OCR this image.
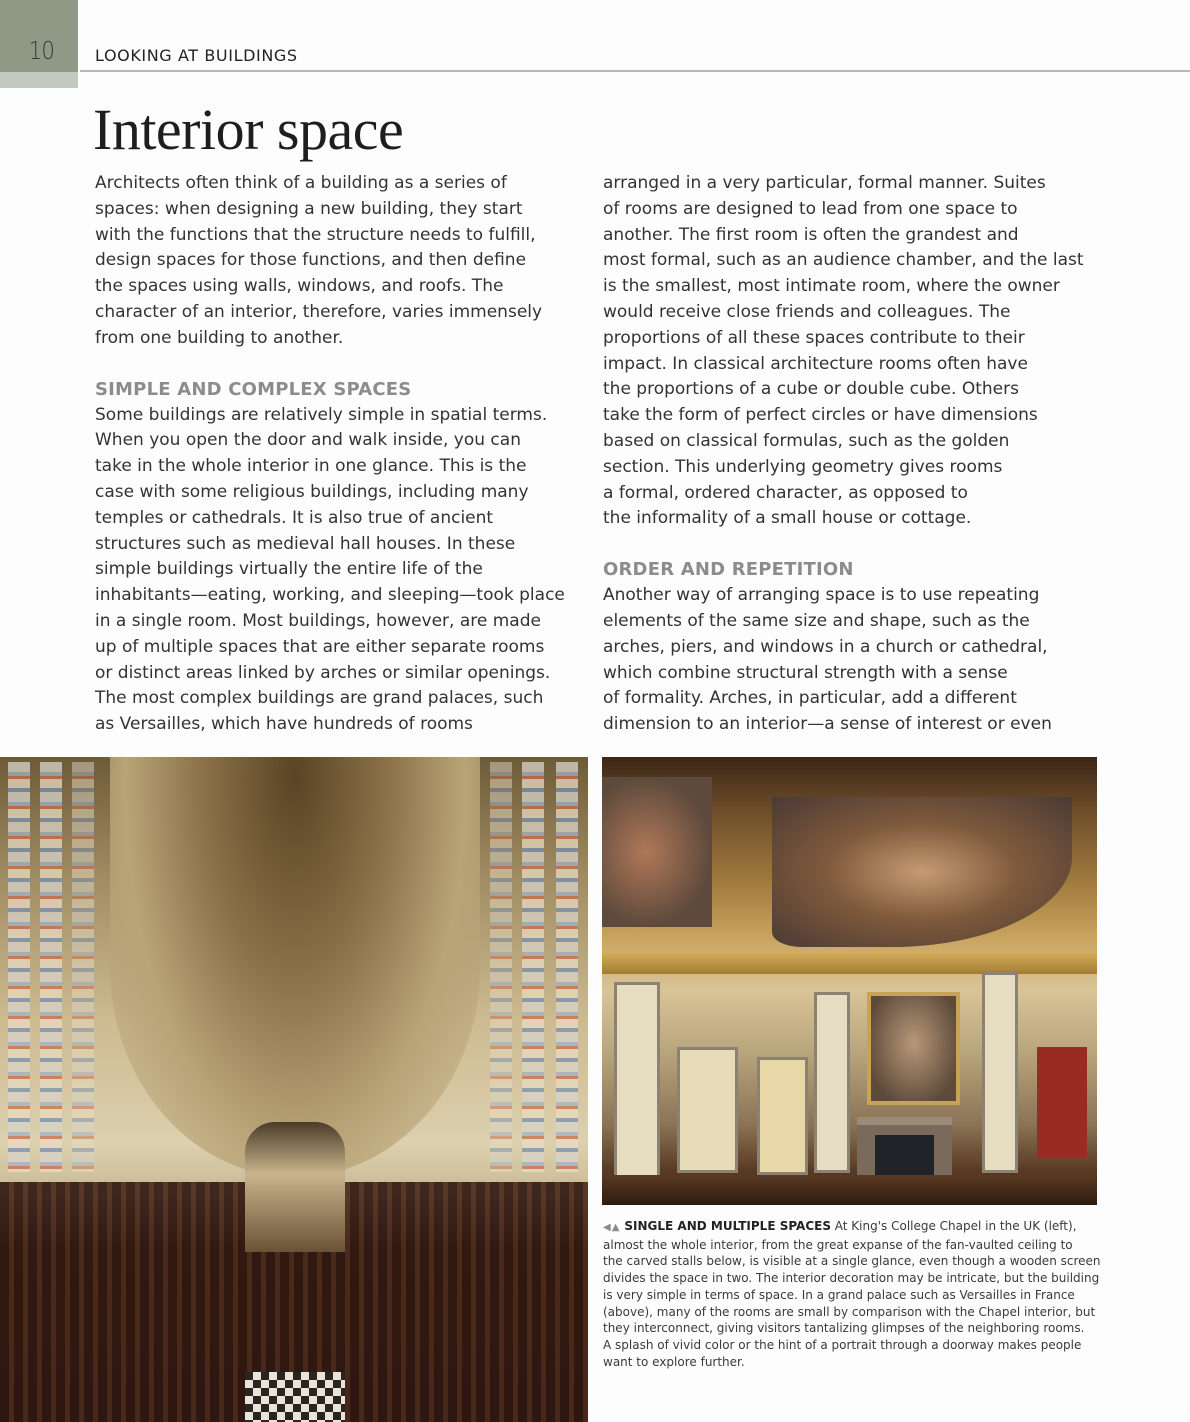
10	LOOKING AT BUILDINGS
Interior space

Architects often think of a building as a series of
spaces: when designing a new building, they start
with the functions that the structure needs to fulfill,
design spaces for those functions, and then define
the spaces using walls, windows, and roofs. The
character of an interior, therefore, varies immensely
from one building to another.

SIMPLE AND COMPLEX SPACES

Some buildings are relatively simple in spatial terms.
When you open the door and walk inside, you can
take in the whole interior in one glance. This is the
case with some religious buildings, including many
temples or cathedrals. It is also true of ancient
structures such as medieval hall houses. In these
simple buildings virtually the entire life of the
inhabitants—eating, working, and sleeping—took place
in a single room. Most buildings, however, are made
up of multiple spaces that are either separate rooms
or distinct areas linked by arches or similar openings.
The most complex buildings are grand palaces, such
as Versailles, which have hundreds of rooms

arranged in a very particular, formal manner. Suites
of rooms are designed to lead from one space to
another. The first room is often the grandest and
most formal, such as an audience chamber, and the last
is the smallest, most intimate room, where the owner
would receive close friends and colleagues. The
proportions of all these spaces contribute to their
impact. In classical architecture rooms often have
the proportions of a cube or double cube. Others
take the form of perfect circles or have dimensions
based on classical formulas, such as the golden
section. This underlying geometry gives rooms
a formal, ordered character, as opposed to
the informality of a small house or cottage.

ORDER AND REPETITION

Another way of arranging space is to use repeating
elements of the same size and shape, such as the
arches, piers, and windows in a church or cathedral,
which combine structural strength with a sense
of formality. Arches, in particular, add a different
dimension to an interior—a sense of interest or even

◀▲ SINGLE AND MULTIPLE SPACES At King's College Chapel in the UK (left),
almost the whole interior, from the great expanse of the fan-vaulted ceiling to
the carved stalls below, is visible at a single glance, even though a wooden screen
divides the space in two. The interior decoration may be intricate, but the building
is very simple in terms of space. In a grand palace such as Versailles in France
(above), many of the rooms are small by comparison with the Chapel interior, but
they interconnect, giving visitors tantalizing glimpses of the neighboring rooms.
A splash of vivid color or the hint of a portrait through a doorway makes people
want to explore further.
